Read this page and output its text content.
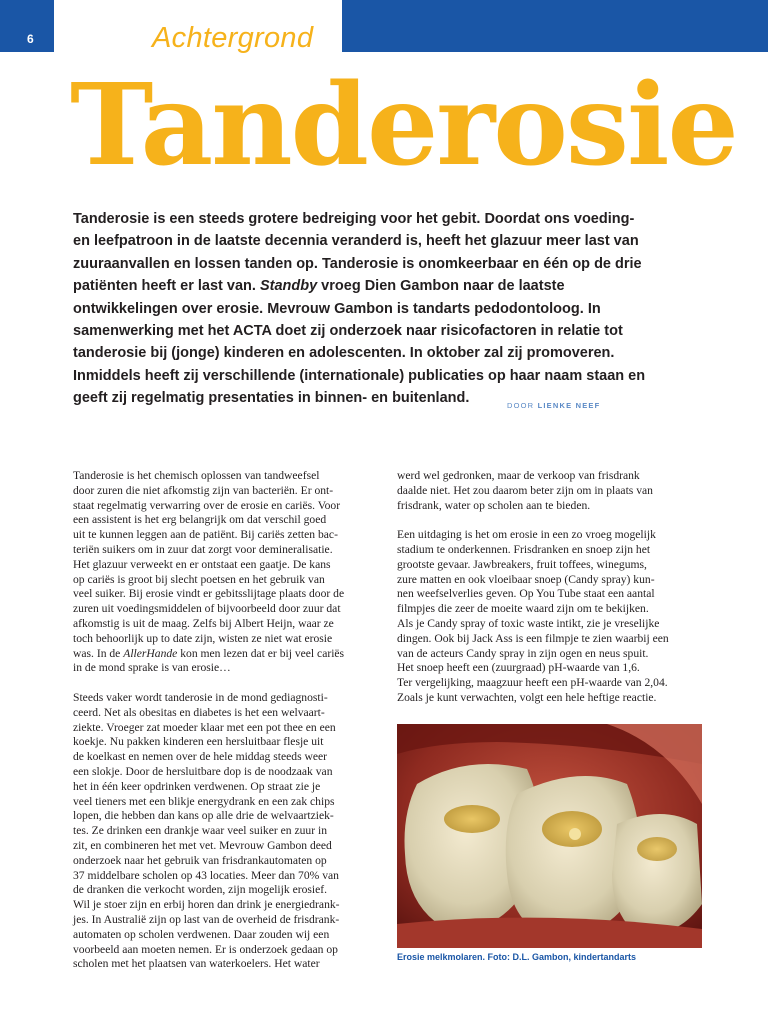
6	Achtergrond
Tanderosie

Tanderosie is een steeds grotere bedreiging voor het gebit. Doordat ons voeding- en leefpatroon in de laatste decennia veranderd is, heeft het glazuur meer last van zuuraanvallen en lossen tanden op. Tanderosie is onomkeerbaar en één op de drie patiënten heeft er last van. Standby vroeg Dien Gambon naar de laatste ontwikkelingen over erosie. Mevrouw Gambon is tandarts pedodontoloog. In samenwerking met het ACTA doet zij onderzoek naar risicofactoren in relatie tot tanderosie bij (jonge) kinderen en adolescenten. In oktober zal zij promoveren. Inmiddels heeft zij verschillende (internationale) publicaties op haar naam staan en geeft zij regelmatig presentaties in binnen- en buitenland.	DOOR LIENKE NEEF

Tanderosie is het chemisch oplossen van tandweefsel
door zuren die niet afkomstig zijn van bacteriën. Er ont-
staat regelmatig verwarring over de erosie en cariës. Voor
een assistent is het erg belangrijk om dat verschil goed
uit te kunnen leggen aan de patiënt. Bij cariës zetten bac-
teriën suikers om in zuur dat zorgt voor demineralisatie.
Het glazuur verweekt en er ontstaat een gaatje. De kans
op cariës is groot bij slecht poetsen en het gebruik van
veel suiker. Bij erosie vindt er gebitsslijtage plaats door de
zuren uit voedingsmiddelen of bijvoorbeeld door zuur dat
afkomstig is uit de maag. Zelfs bij Albert Heijn, waar ze
toch behoorlijk up to date zijn, wisten ze niet wat erosie
was. In de AllerHande kon men lezen dat er bij veel cariës
in de mond sprake is van erosie…

Steeds vaker wordt tanderosie in de mond gediagnosti-
ceerd. Net als obesitas en diabetes is het een welvaart-
ziekte. Vroeger zat moeder klaar met een pot thee en een
koekje. Nu pakken kinderen een hersluitbaar flesje uit
de koelkast en nemen over de hele middag steeds weer
een slokje. Door de hersluitbare dop is de noodzaak van
het in één keer opdrinken verdwenen. Op straat zie je
veel tieners met een blikje energydrank en een zak chips
lopen, die hebben dan kans op alle drie de welvaartziek-
tes. Ze drinken een drankje waar veel suiker en zuur in
zit, en combineren het met vet. Mevrouw Gambon deed
onderzoek naar het gebruik van frisdrankautomaten op
37 middelbare scholen op 43 locaties. Meer dan 70% van
de dranken die verkocht worden, zijn mogelijk erosief.
Wil je stoer zijn en erbij horen dan drink je energiedrank-
jes. In Australië zijn op last van de overheid de frisdrank-
automaten op scholen verdwenen. Daar zouden wij een
voorbeeld aan moeten nemen. Er is onderzoek gedaan op
scholen met het plaatsen van waterkoelers. Het water

werd wel gedronken, maar de verkoop van frisdrank
daalde niet. Het zou daarom beter zijn om in plaats van
frisdrank, water op scholen aan te bieden.

Een uitdaging is het om erosie in een zo vroeg mogelijk
stadium te onderkennen. Frisdranken en snoep zijn het
grootste gevaar. Jawbreakers, fruit toffees, winegums,
zure matten en ook vloeibaar snoep (Candy spray) kun-
nen weefselverlies geven. Op You Tube staat een aantal
filmpjes die zeer de moeite waard zijn om te bekijken.
Als je Candy spray of toxic waste intikt, zie je vreselijke
dingen. Ook bij Jack Ass is een filmpje te zien waarbij een
van de acteurs Candy spray in zijn ogen en neus spuit.
Het snoep heeft een (zuurgraad) pH-waarde van 1,6.
Ter vergelijking, maagzuur heeft een pH-waarde van 2,04.
Zoals je kunt verwachten, volgt een hele heftige reactie.

Erosie melkmolaren. Foto: D.L. Gambon, kindertandarts
